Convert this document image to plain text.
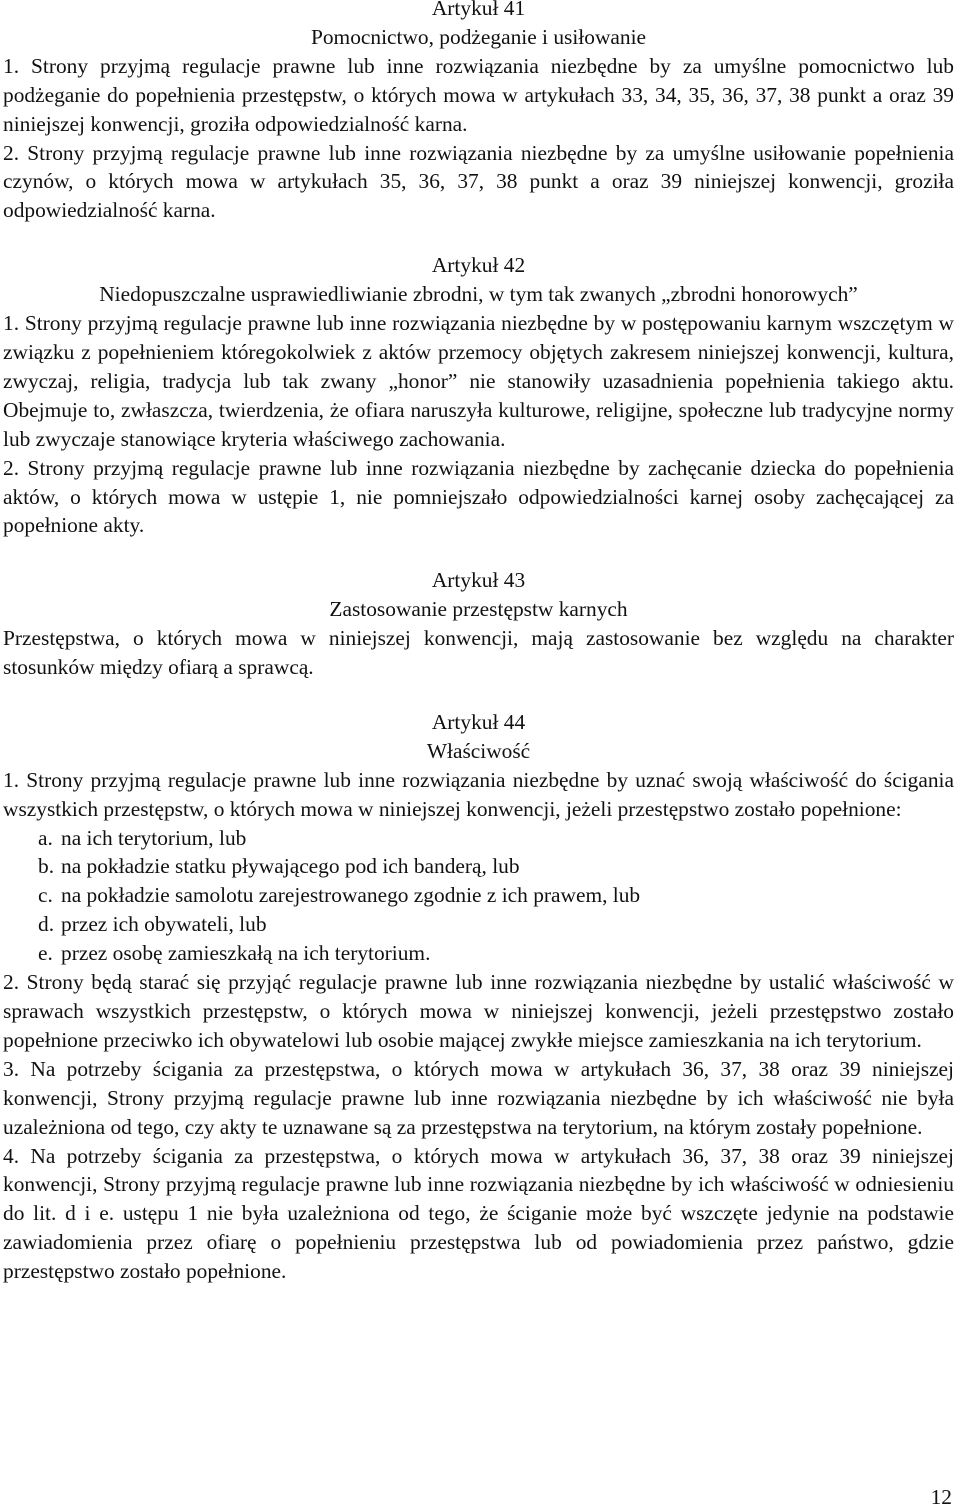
Artykuł 41

Pomocnictwo, podżeganie i usiłowanie

1. Strony przyjmą regulacje prawne lub inne rozwiązania niezbędne by za umyślne pomocnictwo lub podżeganie do popełnienia przestępstw, o których mowa w artykułach 33, 34, 35, 36, 37, 38 punkt a oraz 39 niniejszej konwencji, groziła odpowiedzialność karna.

2. Strony przyjmą regulacje prawne lub inne rozwiązania niezbędne by za umyślne usiłowanie popełnienia czynów, o których mowa w artykułach 35, 36, 37, 38 punkt a oraz 39 niniejszej konwencji, groziła odpowiedzialność karna.

Artykuł 42

Niedopuszczalne usprawiedliwianie zbrodni, w tym tak zwanych „zbrodni honorowych”

1. Strony przyjmą regulacje prawne lub inne rozwiązania niezbędne by w postępowaniu karnym wszczętym w związku z popełnieniem któregokolwiek z aktów przemocy objętych zakresem niniejszej konwencji, kultura, zwyczaj, religia, tradycja lub tak zwany „honor” nie stanowiły uzasadnienia popełnienia takiego aktu. Obejmuje to, zwłaszcza, twierdzenia, że ofiara naruszyła kulturowe, religijne, społeczne lub tradycyjne normy lub zwyczaje stanowiące kryteria właściwego zachowania.

2. Strony przyjmą regulacje prawne lub inne rozwiązania niezbędne by zachęcanie dziecka do popełnienia aktów, o których mowa w ustępie 1, nie pomniejszało odpowiedzialności karnej osoby zachęcającej za popełnione akty.

Artykuł 43

Zastosowanie przestępstw karnych

Przestępstwa, o których mowa w niniejszej konwencji, mają zastosowanie bez względu na charakter stosunków między ofiarą a sprawcą.

Artykuł 44

Właściwość

1. Strony przyjmą regulacje prawne lub inne rozwiązania niezbędne by uznać swoją właściwość do ścigania wszystkich przestępstw, o których mowa w niniejszej konwencji, jeżeli przestępstwo zostało popełnione:

a. na ich terytorium, lub
b. na pokładzie statku pływającego pod ich banderą, lub
c. na pokładzie samolotu zarejestrowanego zgodnie z ich prawem, lub
d. przez ich obywateli, lub
e. przez osobę zamieszkałą na ich terytorium.

2. Strony będą starać się przyjąć regulacje prawne lub inne rozwiązania niezbędne by ustalić właściwość w sprawach wszystkich przestępstw, o których mowa w niniejszej konwencji, jeżeli przestępstwo zostało popełnione przeciwko ich obywatelowi lub osobie mającej zwykłe miejsce zamieszkania na ich terytorium.

3. Na potrzeby ścigania za przestępstwa, o których mowa w artykułach 36, 37, 38 oraz 39 niniejszej konwencji, Strony przyjmą regulacje prawne lub inne rozwiązania niezbędne by ich właściwość nie była uzależniona od tego, czy akty te uznawane są za przestępstwa na terytorium, na którym zostały popełnione.

4. Na potrzeby ścigania za przestępstwa, o których mowa w artykułach 36, 37, 38 oraz 39 niniejszej konwencji, Strony przyjmą regulacje prawne lub inne rozwiązania niezbędne by ich właściwość w odniesieniu do lit. d i e. ustępu 1 nie była uzależniona od tego, że ściganie może być wszczęte jedynie na podstawie zawiadomienia przez ofiarę o popełnieniu przestępstwa lub od powiadomienia przez państwo, gdzie przestępstwo zostało popełnione.

12
